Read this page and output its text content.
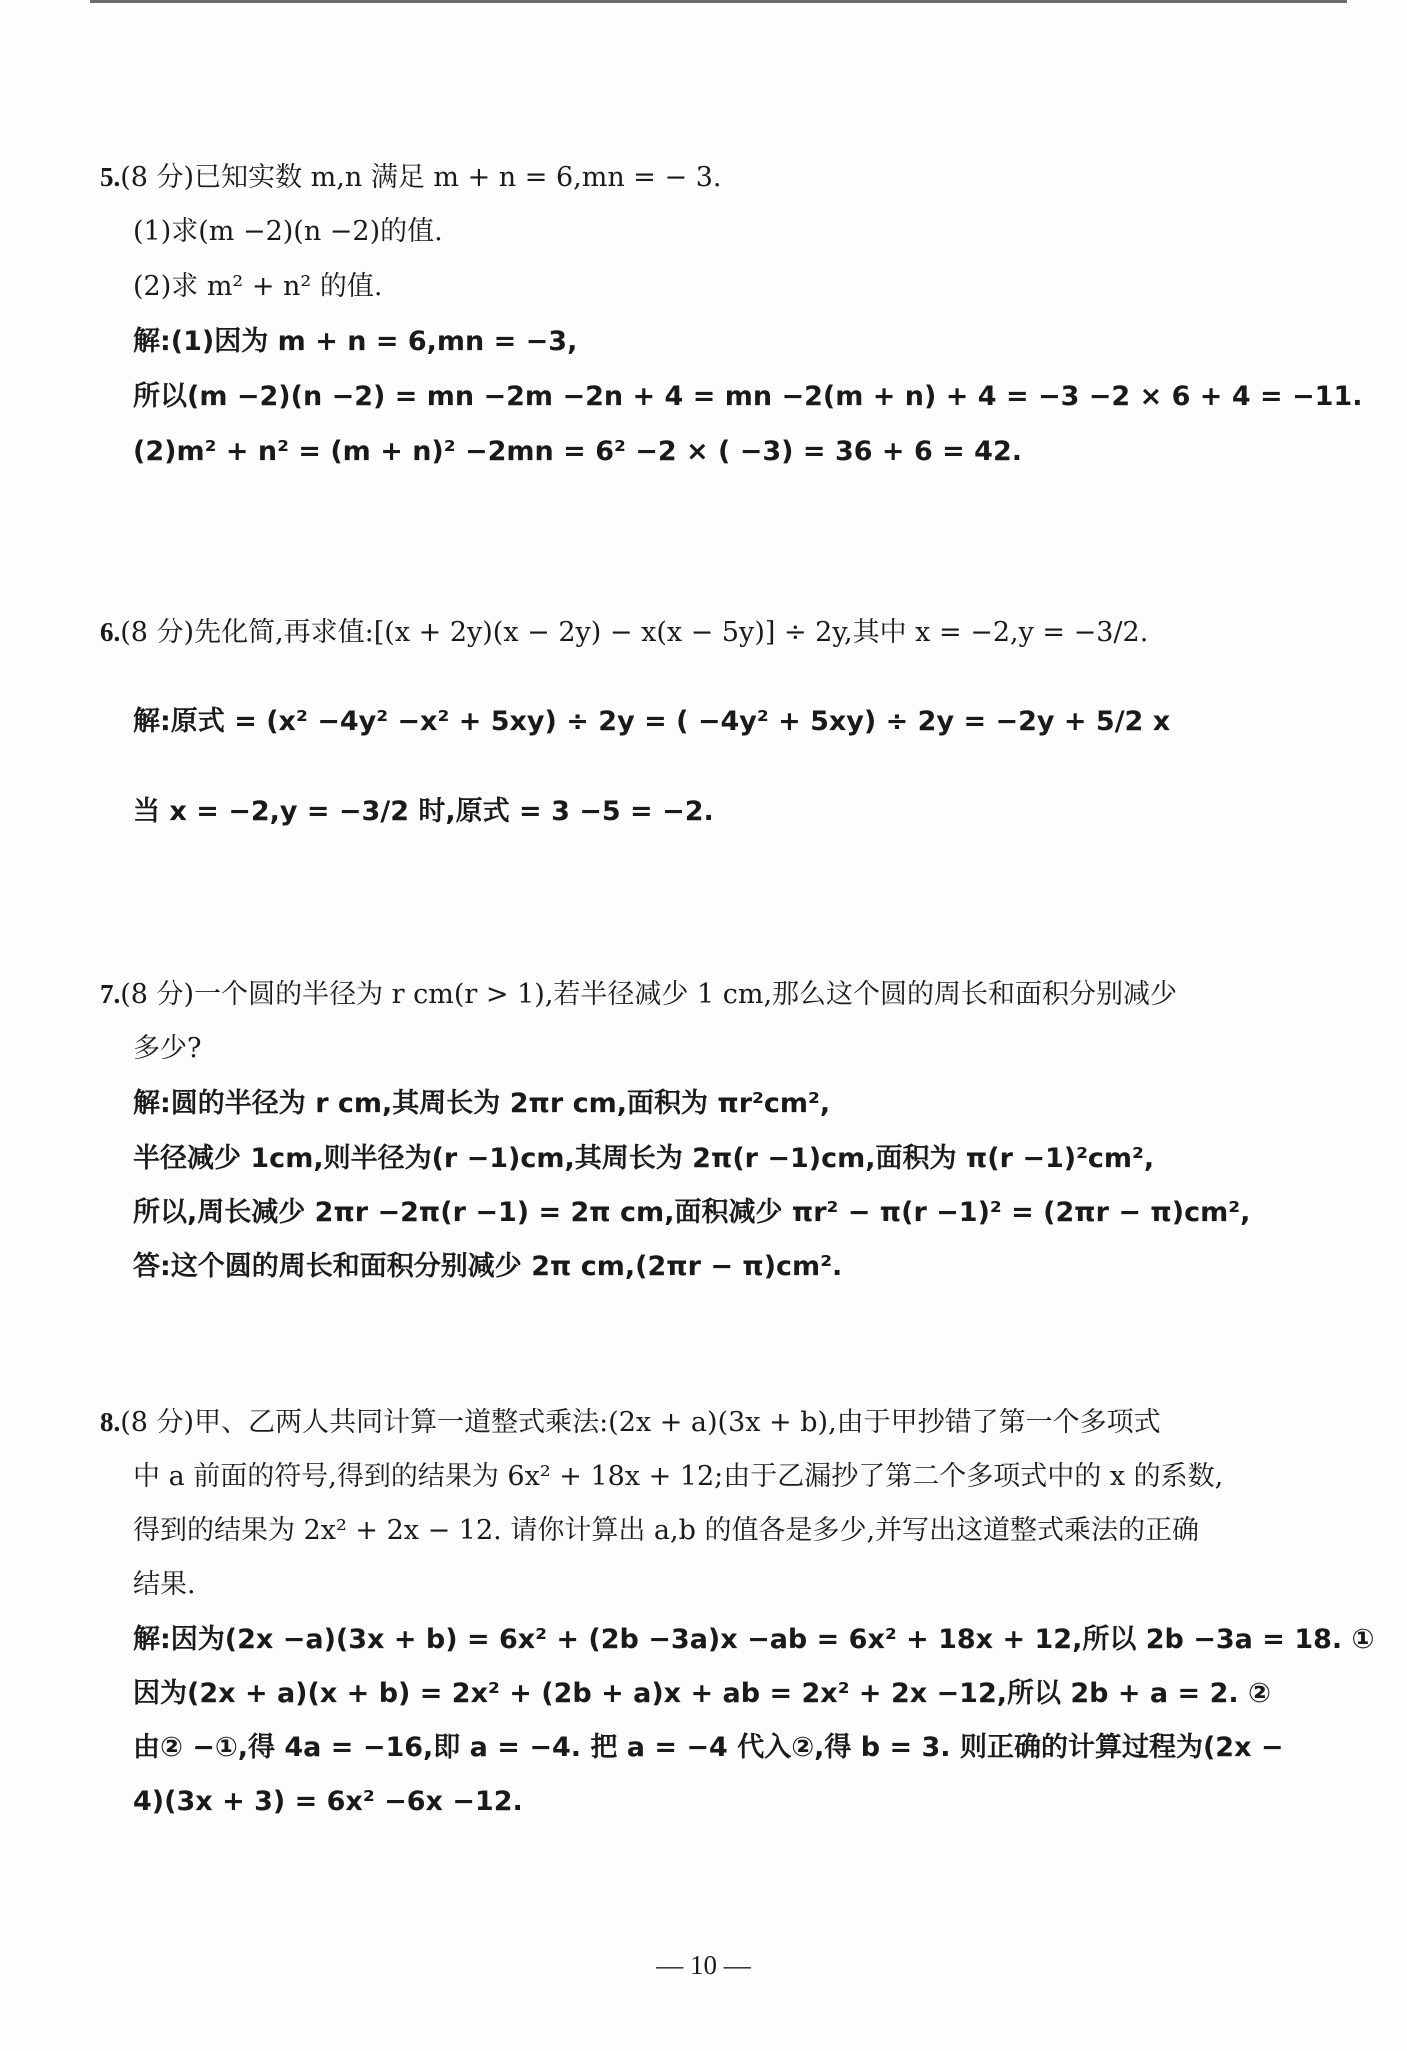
5.(8 分)已知实数 m,n 满足 m + n = 6,mn = − 3.
(1)求(m −2)(n −2)的值.
(2)求 m² + n² 的值.
解:(1)因为 m + n = 6,mn = −3,
所以(m −2)(n −2) = mn −2m −2n + 4 = mn −2(m + n) + 4 = −3 −2 × 6 + 4 = −11.
(2)m² + n² = (m + n)² −2mn = 6² −2 × ( −3) = 36 + 6 = 42.
6.(8 分)先化简,再求值:[(x + 2y)(x − 2y) − x(x − 5y)] ÷ 2y,其中 x = −2,y = −3/2.
解:原式 = (x² −4y² −x² + 5xy) ÷ 2y = ( −4y² + 5xy) ÷ 2y = −2y + 5/2 x
当 x = −2,y = −3/2 时,原式 = 3 −5 = −2.
7.(8 分)一个圆的半径为 r cm(r > 1),若半径减少 1 cm,那么这个圆的周长和面积分别减少
多少?
解:圆的半径为 r cm,其周长为 2πr cm,面积为 πr²cm²,
半径减少 1cm,则半径为(r −1)cm,其周长为 2π(r −1)cm,面积为 π(r −1)²cm²,
所以,周长减少 2πr −2π(r −1) = 2π cm,面积减少 πr² − π(r −1)² = (2πr − π)cm²,
答:这个圆的周长和面积分别减少 2π cm,(2πr − π)cm².
8.(8 分)甲、乙两人共同计算一道整式乘法:(2x + a)(3x + b),由于甲抄错了第一个多项式
中 a 前面的符号,得到的结果为 6x² + 18x + 12;由于乙漏抄了第二个多项式中的 x 的系数,
得到的结果为 2x² + 2x − 12. 请你计算出 a,b 的值各是多少,并写出这道整式乘法的正确
结果.
解:因为(2x −a)(3x + b) = 6x² + (2b −3a)x −ab = 6x² + 18x + 12,所以 2b −3a = 18. ①
因为(2x + a)(x + b) = 2x² + (2b + a)x + ab = 2x² + 2x −12,所以 2b + a = 2. ②
由② −①,得 4a = −16,即 a = −4. 把 a = −4 代入②,得 b = 3. 则正确的计算过程为(2x −
4)(3x + 3) = 6x² −6x −12.
— 10 —
